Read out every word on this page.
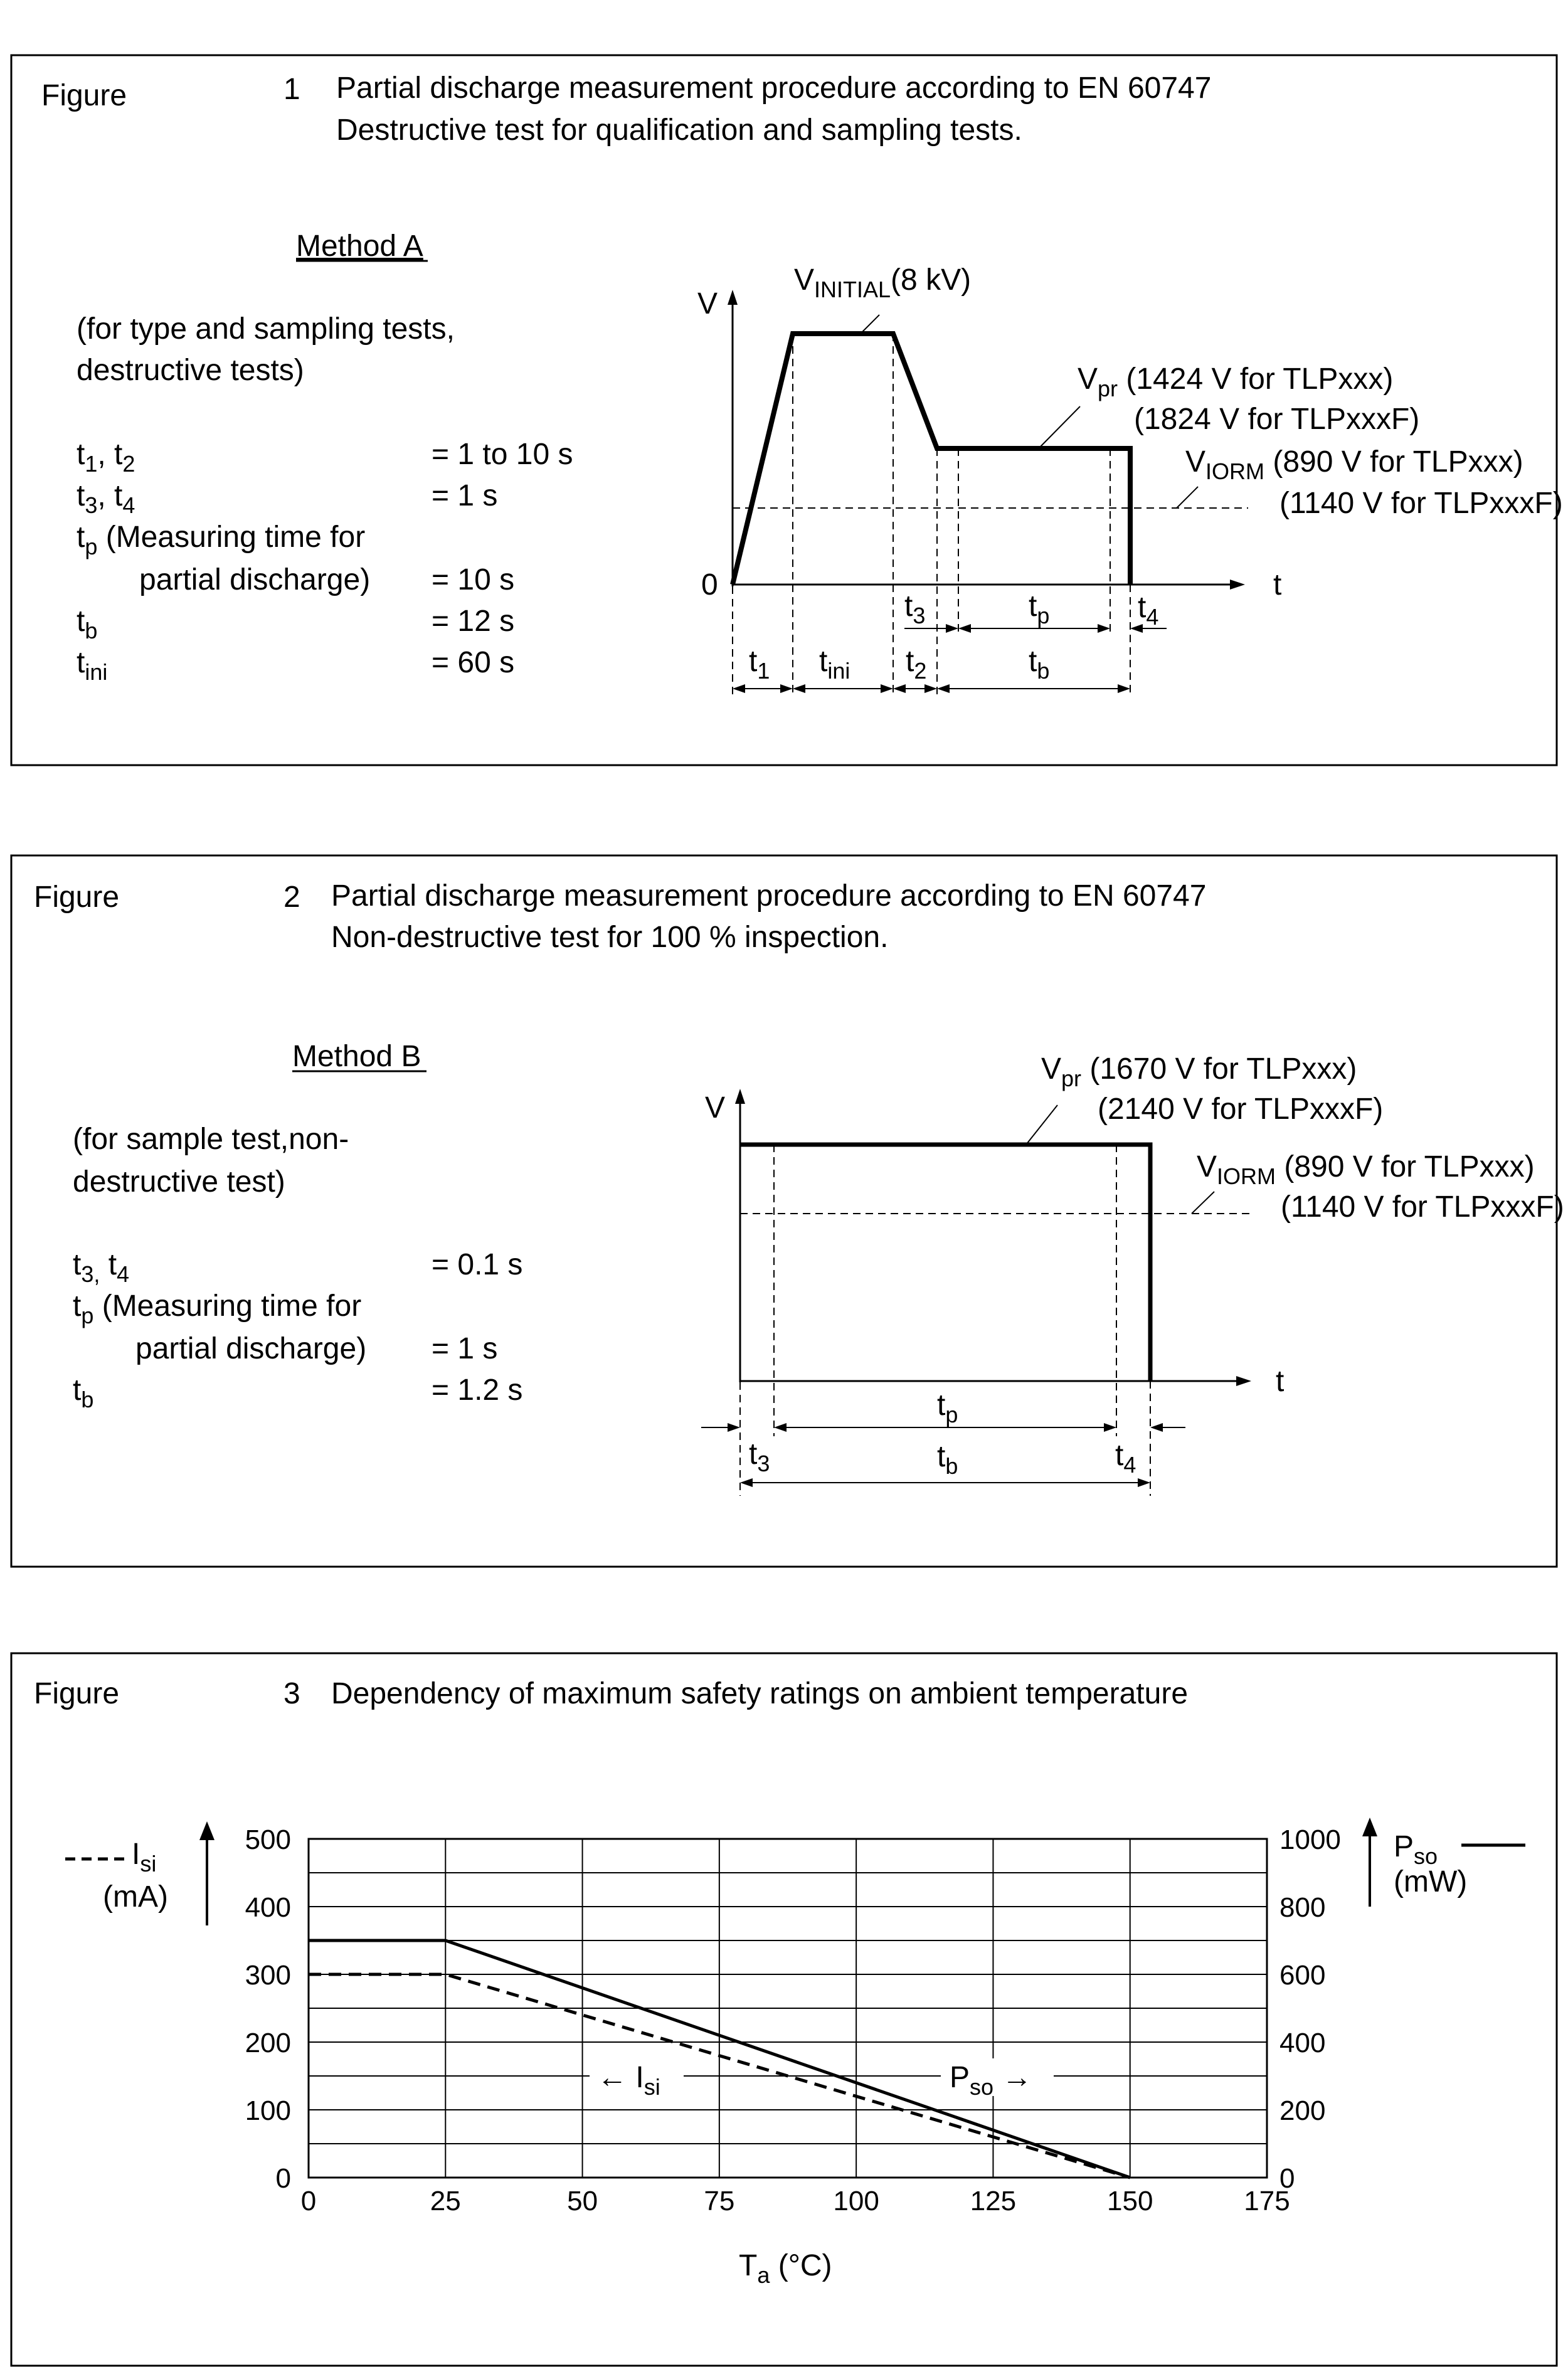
Figure	1 Partial discharge measurement procedure according to EN 60747
Destructive test for qualification and sampling tests.
Method A
(for type and sampling tests,
destructive tests)
$t_1$, $t_2$	= 1 to 10 s
$t_3$, $t_4$	= 1 s
$t_p$ (Measuring time for
partial discharge) = 10 s
$t_b$	= 12 s
$t_{ini}$	= 60 s
V
t
0
$V_{INITIAL}(8$ kV)
$V_{pr}$ (1424 V for TLPxxx)
(1824 V for TLPxxxF)
$V_{IORM}$ (890 V for TLPxxx)
(1140 V for TLPxxxF)
$t_3$	$t_p$	$t_4$
$t_1$ $t_{ini}$ $t_2$	$t_b$
Figure	2 Partial discharge measurement procedure according to EN 60747
Non-destructive test for 100 % inspection.
Method B
(for sample test,non-
destructive test)
$t_{3,}$ $t_4$	= 0.1 s
$t_p$ (Measuring time for
partial discharge) = 1 s
$t_b$	= 1.2 s
V
t
$V_{pr}$ (1670 V for TLPxxx)
(2140 V for TLPxxxF)
$V_{IORM}$ (890 V for TLPxxx)
(1140 V for TLPxxxF)
$t_p$
$t_3$	$t_4$
$t_b$
Figure	3 Dependency of maximum safety ratings on ambient temperature
0	25	50	75	100	125	150	175
0
100
200
300
400
500
0
200
400
600
800
1000
$I_{si}$
(mA)
$P_{so}$
(mW)
← $I_{si}$	$P_{so}$ →
$T_a$ (°C)
